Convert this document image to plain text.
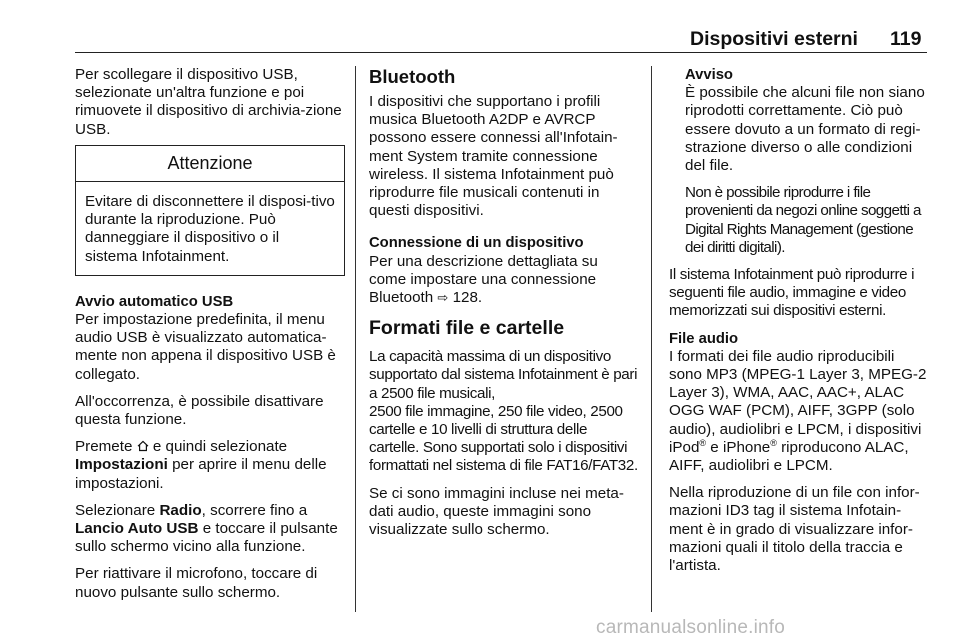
Dispositivi esterni 119

Per scollegare il dispositivo USB, selezionate un'altra funzione e poi rimuovete il dispositivo di archivia-zione USB.

Attenzione
Evitare di disconnettere il disposi-tivo durante la riproduzione. Può danneggiare il dispositivo o il sistema Infotainment.
Avvio automatico USB

Per impostazione predefinita, il menu audio USB è visualizzato automatica-mente non appena il dispositivo USB è collegato.

All'occorrenza, è possibile disattivare questa funzione.

Premete e quindi selezionate Impostazioni per aprire il menu delle impostazioni.

Selezionare Radio, scorrere fino a Lancio Auto USB e toccare il pulsante sullo schermo vicino alla funzione.

Per riattivare il microfono, toccare di nuovo pulsante sullo schermo.

Bluetooth

I dispositivi che supportano i profili musica Bluetooth A2DP e AVRCP possono essere connessi all'Infotain-ment System tramite connessione wireless. Il sistema Infotainment può riprodurre file musicali contenuti in questi dispositivi.

Connessione di un dispositivo

Per una descrizione dettagliata su come impostare una connessione Bluetooth ⇨ 128.

Formati file e cartelle

La capacità massima di un dispositivo supportato dal sistema Infotainment è pari a 2500 file musicali,
2500 file immagine, 250 file video, 2500 cartelle e 10 livelli di struttura delle cartelle. Sono supportati solo i dispositivi formattati nel sistema di file FAT16/FAT32.

Se ci sono immagini incluse nei meta-dati audio, queste immagini sono visualizzate sullo schermo.

Avviso

È possibile che alcuni file non siano riprodotti correttamente. Ciò può essere dovuto a un formato di regi-strazione diverso o alle condizioni del file.

Non è possibile riprodurre i file provenienti da negozi online soggetti a Digital Rights Management (gestione dei diritti digitali).

Il sistema Infotainment può riprodurre i seguenti file audio, immagine e video memorizzati sui dispositivi esterni.

File audio

I formati dei file audio riproducibili sono MP3 (MPEG-1 Layer 3, MPEG-2 Layer 3), WMA, AAC, AAC+, ALAC OGG WAF (PCM), AIFF, 3GPP (solo audio), audiolibri e LPCM, i dispositivi iPod® e iPhone® riproducono ALAC, AIFF, audiolibri e LPCM.

Nella riproduzione di un file con infor-mazioni ID3 tag il sistema Infotain-ment è in grado di visualizzare infor-mazioni quali il titolo della traccia e l'artista.

carmanualsonline.info
